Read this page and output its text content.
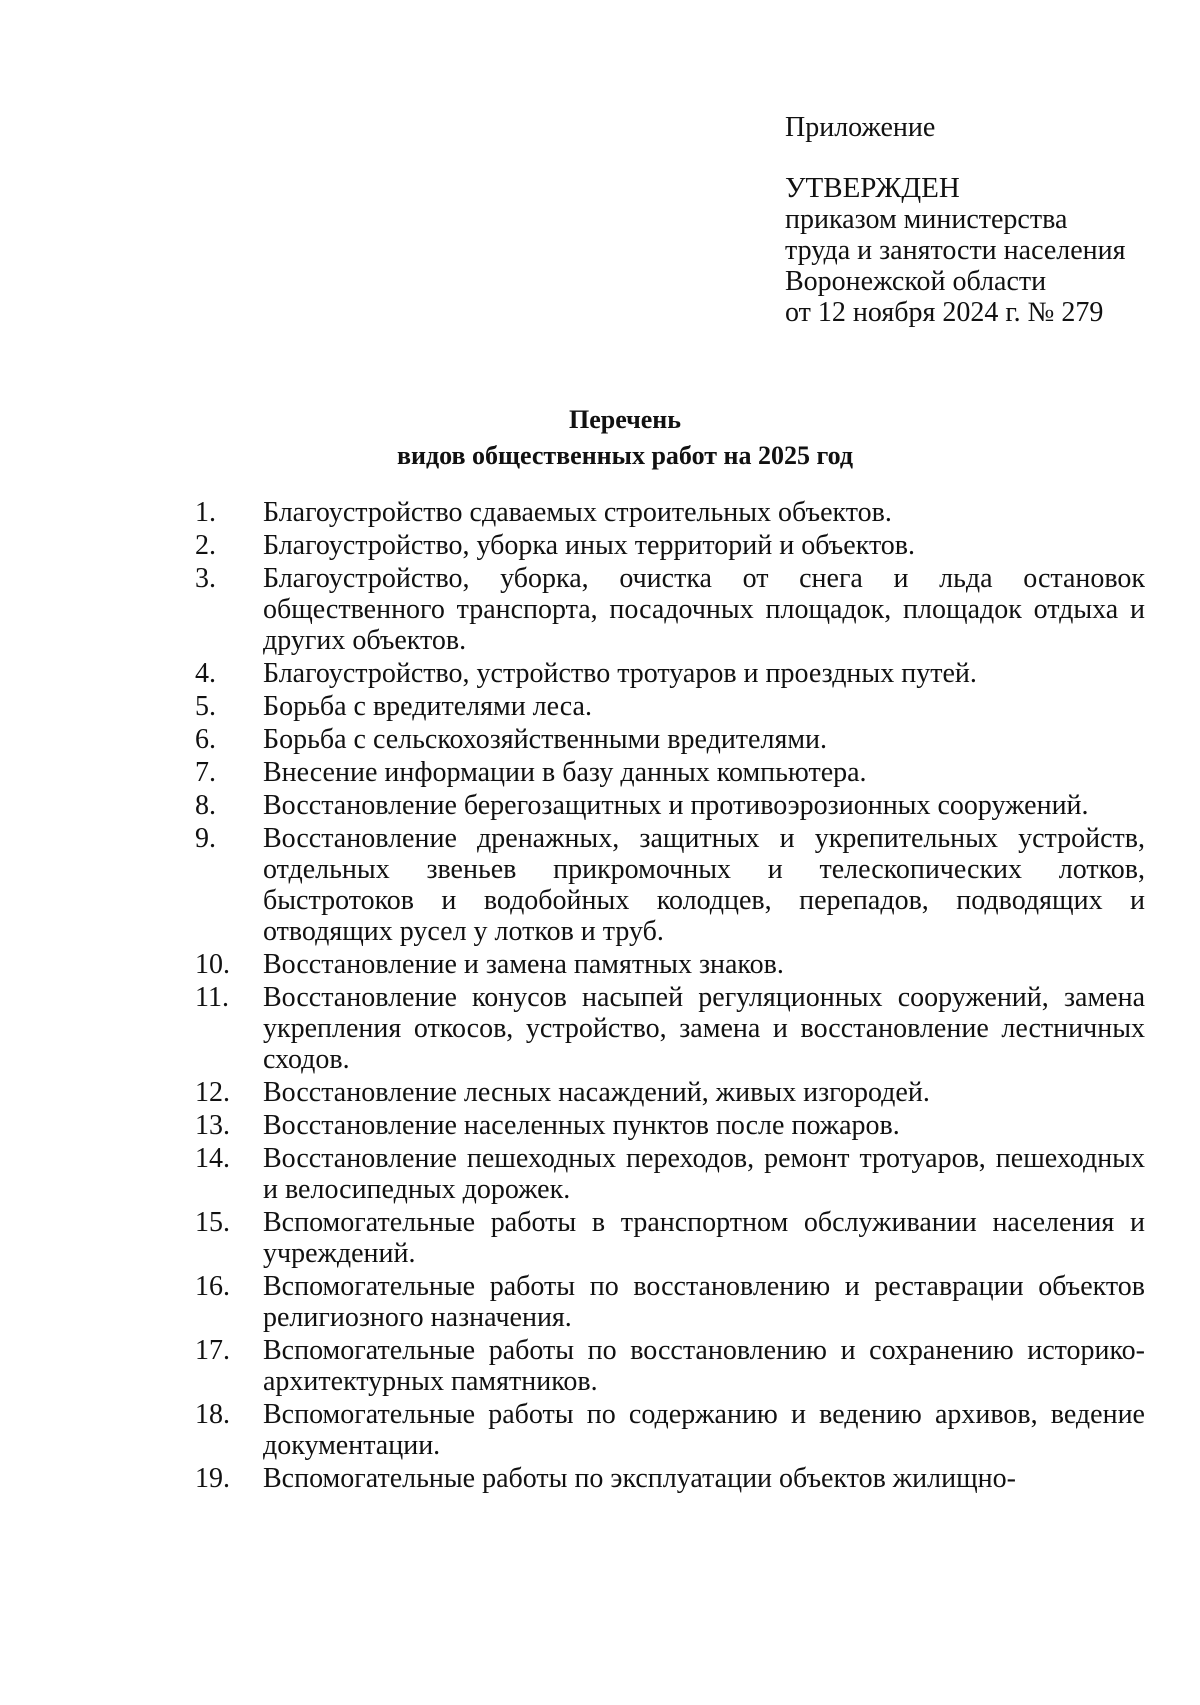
Приложение

УТВЕРЖДЕН

приказом министерства
труда и занятости населения
Воронежской области
от 12 ноября 2024 г. № 279
Перечень
видов общественных работ на 2025 год
1.	Благоустройство сдаваемых строительных объектов.
2.	Благоустройство, уборка иных территорий и объектов.
3.	Благоустройство, уборка, очистка от снега и льда остановок общественного транспорта, посадочных площадок, площадок отдыха и других объектов.
4.	Благоустройство, устройство тротуаров и проездных путей.
5.	Борьба с вредителями леса.
6.	Борьба с сельскохозяйственными вредителями.
7.	Внесение информации в базу данных компьютера.
8.	Восстановление берегозащитных и противоэрозионных сооружений.
9.	Восстановление дренажных, защитных и укрепительных устройств, отдельных звеньев прикромочных и телескопических лотков, быстротоков и водобойных колодцев, перепадов, подводящих и отводящих русел у лотков и труб.
10.	Восстановление и замена памятных знаков.
11.	Восстановление конусов насыпей регуляционных сооружений, замена укрепления откосов, устройство, замена и восстановление лестничных сходов.
12.	Восстановление лесных насаждений, живых изгородей.
13.	Восстановление населенных пунктов после пожаров.
14.	Восстановление пешеходных переходов, ремонт тротуаров, пешеходных и велосипедных дорожек.
15.	Вспомогательные работы в транспортном обслуживании населения и учреждений.
16.	Вспомогательные работы по восстановлению и реставрации объектов религиозного назначения.
17.	Вспомогательные работы по восстановлению и сохранению историко-архитектурных памятников.
18.	Вспомогательные работы по содержанию и ведению архивов, ведение документации.
19.	Вспомогательные работы по эксплуатации объектов жилищно-
